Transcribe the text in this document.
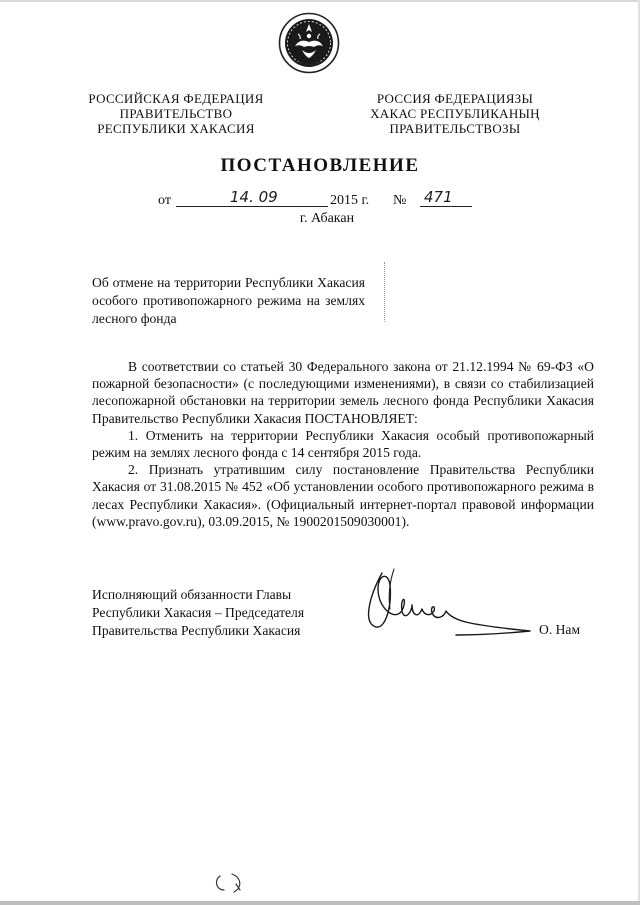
РОССИЙСКАЯ ФЕДЕРАЦИЯ
ПРАВИТЕЛЬСТВО
РЕСПУБЛИКИ ХАКАСИЯ
РОССИЯ ФЕДЕРАЦИЯЗЫ
ХАКАС РЕСПУБЛИКАНЫҢ
ПРАВИТЕЛЬСТВОЗЫ
ПОСТАНОВЛЕНИЕ
от	14. 09	2015 г. № 471
г. Абакан
Об отмене на территории Республики Хакасия особого противопожарного режима на землях лесного фонда

В соответствии со статьей 30 Федерального закона от 21.12.1994 № 69-ФЗ «О пожарной безопасности» (с последующими изменениями), в связи со стабилизацией лесопожарной обстановки на территории земель лесного фонда Республики Хакасия Правительство Республики Хакасия ПОСТАНОВЛЯЕТ:

1. Отменить на территории Республики Хакасия особый противопожарный режим на землях лесного фонда с 14 сентября 2015 года.

2. Признать утратившим силу постановление Правительства Республики Хакасия от 31.08.2015 № 452 «Об установлении особого противопожарного режима в лесах Республики Хакасия». (Официальный интернет-портал правовой информации (www.pravo.gov.ru), 03.09.2015, № 1900201509030001).

Исполняющий обязанности Главы
Республики Хакасия – Председателя
Правительства Республики Хакасия	О. Нам
